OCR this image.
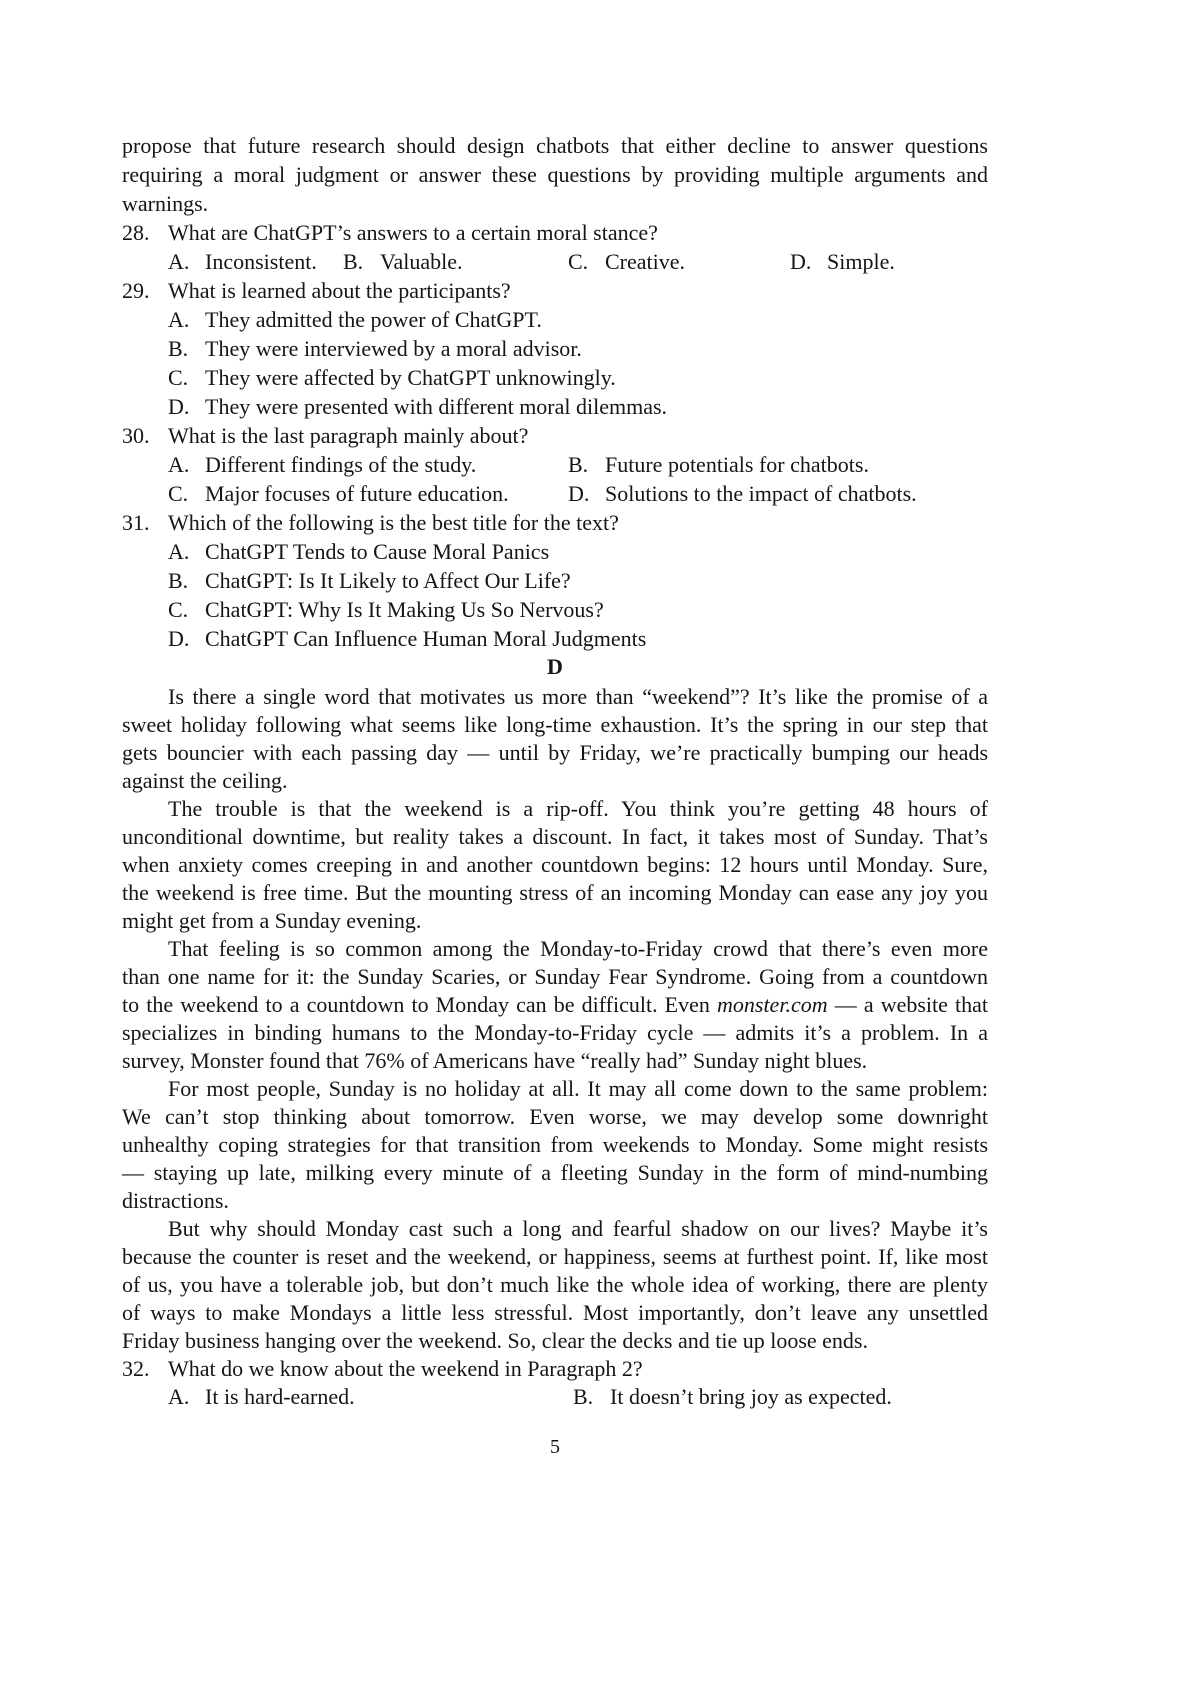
propose that future research should design chatbots that either decline to answer questions
requiring a moral judgment or answer these questions by providing multiple arguments and
warnings.
28. What are ChatGPT’s answers to a certain moral stance?
A. Inconsistent. B. Valuable.	C. Creative.	D. Simple.
29. What is learned about the participants?
A. They admitted the power of ChatGPT.
B. They were interviewed by a moral advisor.
C. They were affected by ChatGPT unknowingly.
D. They were presented with different moral dilemmas.
30. What is the last paragraph mainly about?
A. Different findings of the study.	B. Future potentials for chatbots.
C. Major focuses of future education.	D. Solutions to the impact of chatbots.
31. Which of the following is the best title for the text?
A. ChatGPT Tends to Cause Moral Panics
B. ChatGPT: Is It Likely to Affect Our Life?
C. ChatGPT: Why Is It Making Us So Nervous?
D. ChatGPT Can Influence Human Moral Judgments
D
Is there a single word that motivates us more than “weekend”? It’s like the promise of a
sweet holiday following what seems like long-time exhaustion. It’s the spring in our step that
gets bouncier with each passing day — until by Friday, we’re practically bumping our heads
against the ceiling.
The trouble is that the weekend is a rip-off. You think you’re getting 48 hours of
unconditional downtime, but reality takes a discount. In fact, it takes most of Sunday. That’s
when anxiety comes creeping in and another countdown begins: 12 hours until Monday. Sure,
the weekend is free time. But the mounting stress of an incoming Monday can ease any joy you
might get from a Sunday evening.
That feeling is so common among the Monday-to-Friday crowd that there’s even more
than one name for it: the Sunday Scaries, or Sunday Fear Syndrome. Going from a countdown
to the weekend to a countdown to Monday can be difficult. Even monster.com — a website that
specializes in binding humans to the Monday-to-Friday cycle — admits it’s a problem. In a
survey, Monster found that 76% of Americans have “really had” Sunday night blues.
For most people, Sunday is no holiday at all. It may all come down to the same problem:
We can’t stop thinking about tomorrow. Even worse, we may develop some downright
unhealthy coping strategies for that transition from weekends to Monday. Some might resists
— staying up late, milking every minute of a fleeting Sunday in the form of mind-numbing
distractions.
But why should Monday cast such a long and fearful shadow on our lives? Maybe it’s
because the counter is reset and the weekend, or happiness, seems at furthest point. If, like most
of us, you have a tolerable job, but don’t much like the whole idea of working, there are plenty
of ways to make Mondays a little less stressful. Most importantly, don’t leave any unsettled
Friday business hanging over the weekend. So, clear the decks and tie up loose ends.
32. What do we know about the weekend in Paragraph 2?
A. It is hard-earned.	B. It doesn’t bring joy as expected.
5
